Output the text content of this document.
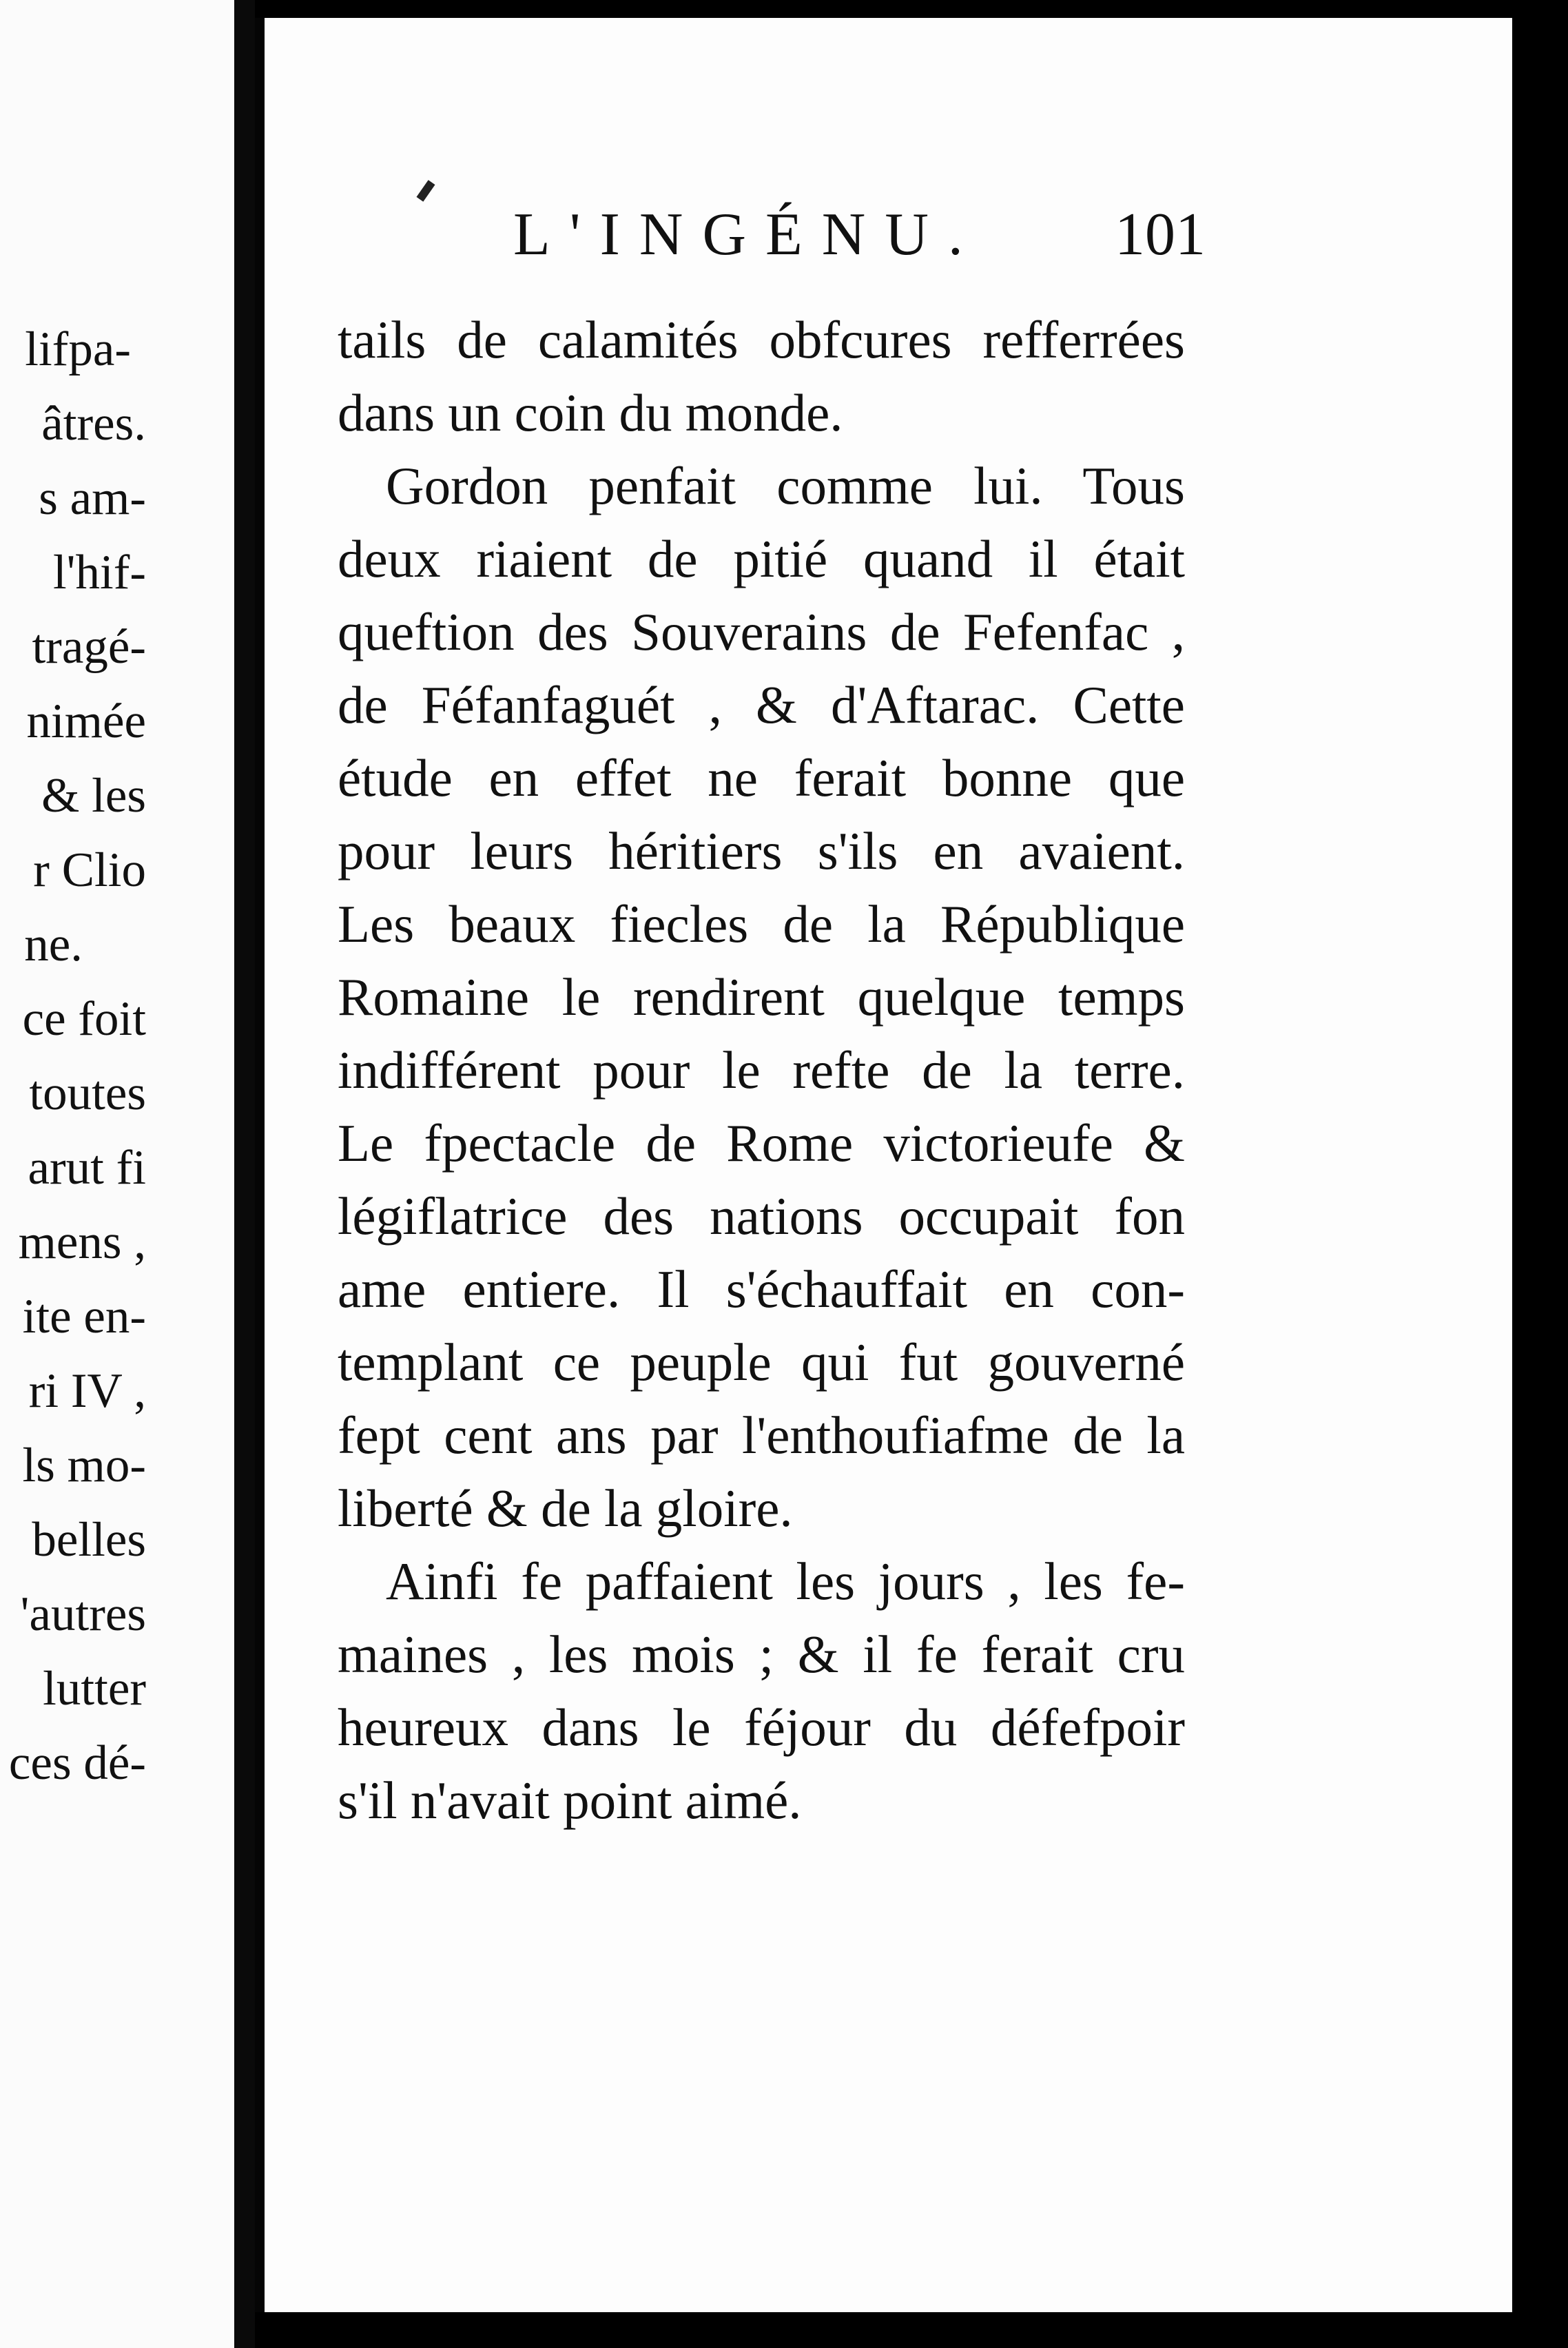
lifpa-
âtres.
s am-
l'hif-
tragé-
nimée
& les
r Clio
ne.
ce foit
toutes
arut fi
mens ,
ite en-
ri IV ,
ls mo-
belles
'autres
lutter
ces dé-
L'INGÉNU. 101
tails de calamités obfcures refferrées
dans un coin du monde.
Gordon penfait comme lui. Tous
deux riaient de pitié quand il était
queftion des Souverains de Fefenfac ,
de Féfanfaguét , & d'Aftarac. Cette
étude en effet ne ferait bonne que
pour leurs héritiers s'ils en avaient.
Les beaux fiecles de la République
Romaine le rendirent quelque temps
indifférent pour le refte de la terre.
Le fpectacle de Rome victorieufe &
légiflatrice des nations occupait fon
ame entiere. Il s'échauffait en con-
templant ce peuple qui fut gouverné
fept cent ans par l'enthoufiafme de la
liberté & de la gloire.
Ainfi fe paffaient les jours , les fe-
maines , les mois ; & il fe ferait cru
heureux dans le féjour du défefpoir
s'il n'avait point aimé.
